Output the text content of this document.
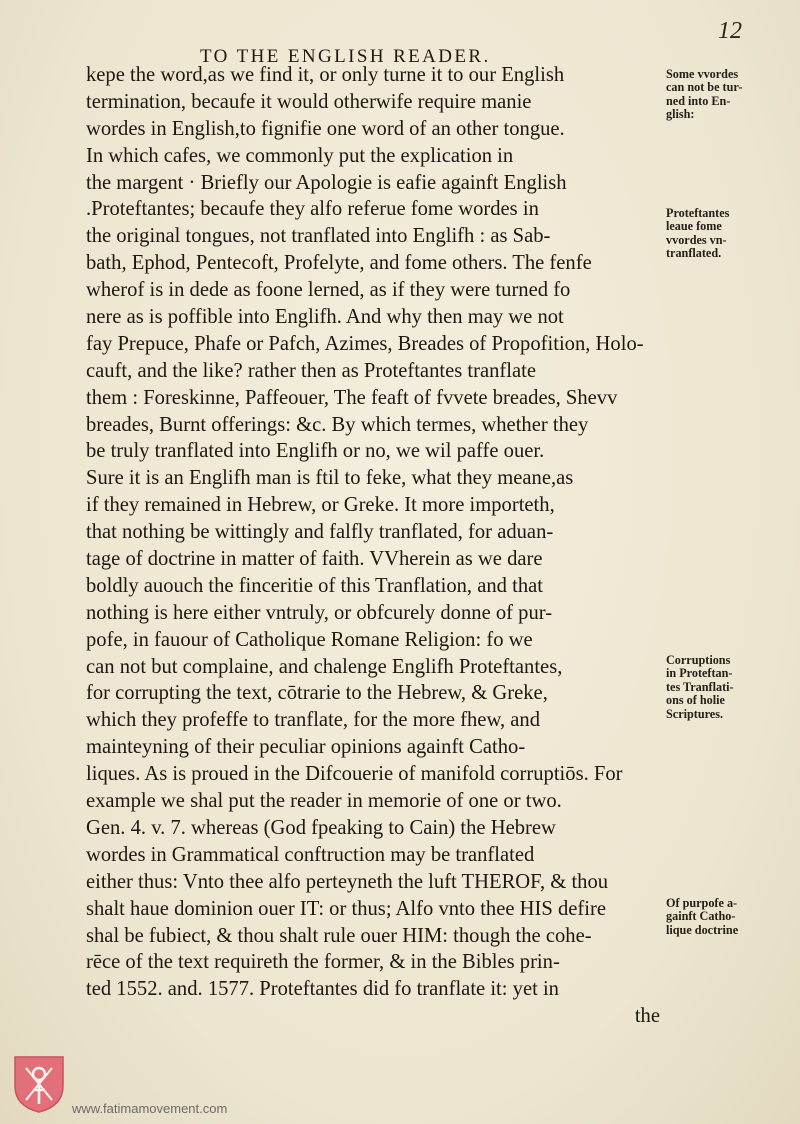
12
TO THE ENGLISH READER.
kepe the word,as we find it, or only turne it to our English
termination, becaufe it would otherwife require manie
wordes in English,to fignifie one word of an other tongue.
In which cafes, we commonly put the explication in
the margent · Briefly our Apologie is eafie againft English
.Proteftantes; becaufe they alfo referue fome wordes in
the original tongues, not tranflated into Englifh : as Sab-
bath, Ephod, Pentecoft, Profelyte, and fome others. The fenfe
wherof is in dede as foone lerned, as if they were turned fo
nere as is poffible into Englifh. And why then may we not
fay Prepuce, Phafe or Pafch, Azimes, Breades of Propofition, Holo-
cauft, and the like? rather then as Proteftantes tranflate
them : Foreskinne, Paffeouer, The feaft of fvvete breades, Shevv
breades, Burnt offerings: &c. By which termes, whether they
be truly tranflated into Englifh or no, we wil paffe ouer.
Sure it is an Englifh man is ftil to feke, what they meane,as
if they remained in Hebrew, or Greke. It more importeth,
that nothing be wittingly and falfly tranflated, for aduan-
tage of doctrine in matter of faith. VVherein as we dare
boldly auouch the finceritie of this Tranflation, and that
nothing is here either vntruly, or obfcurely donne of pur-
pofe, in fauour of Catholique Romane Religion: fo we
can not but complaine, and chalenge Englifh Proteftantes,
for corrupting the text, cōtrarie to the Hebrew, & Greke,
which they profeffe to tranflate, for the more fhew, and
mainteyning of their peculiar opinions againft Catho-
liques. As is proued in the Difcouerie of manifold corruptiōs. For
example we shal put the reader in memorie of one or two.
Gen. 4. v. 7. whereas (God fpeaking to Cain) the Hebrew
wordes in Grammatical conftruction may be tranflated
either thus: Vnto thee alfo perteyneth the luft THEROF, & thou
shalt haue dominion ouer IT: or thus; Alfo vnto thee HIS defire
shal be fubiect, & thou shalt rule ouer HIM: though the cohe-
rēce of the text requireth the former, & in the Bibles prin-
ted 1552. and. 1577. Proteftantes did fo tranflate it: yet in
the
Some vvordes
can not be tur-
ned into En-
glish:
Proteftantes
leaue fome
vvordes vn-
tranflated.
Corruptions
in Proteftan-
tes Tranflati-
ons of holie
Scriptures.
Of purpofe a-
gainft Catho-
lique doctrine
www.fatimamovement.com
